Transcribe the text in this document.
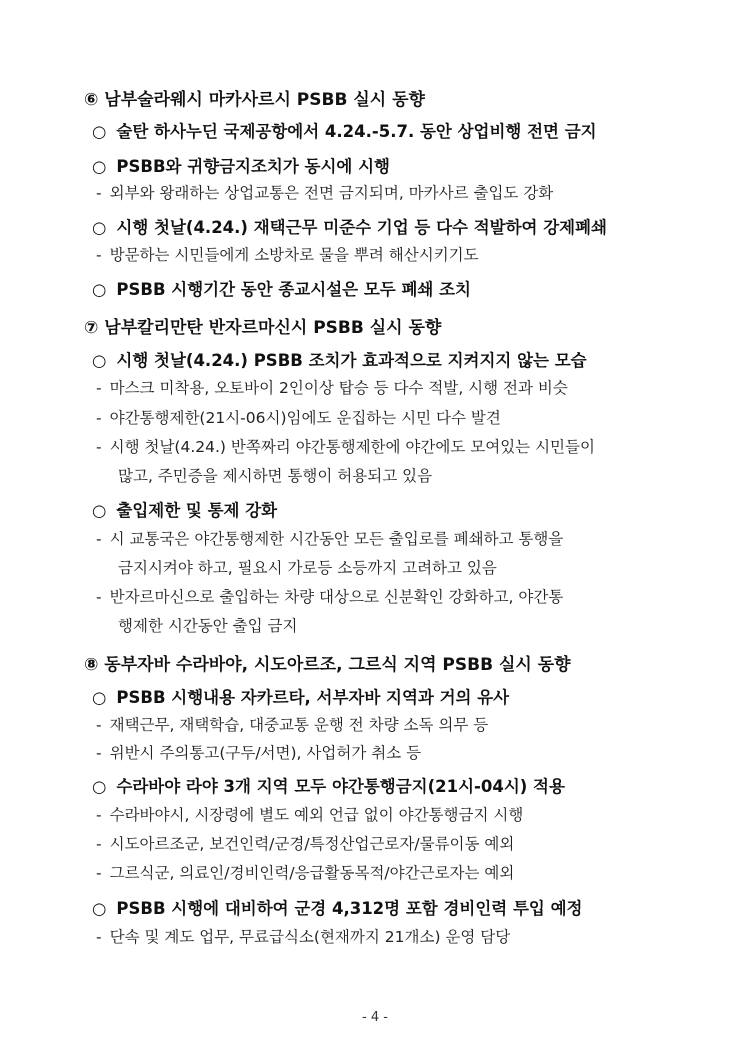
⑥ 남부술라웨시 마카사르시 PSBB 실시 동향
○ 술탄 하사누딘 국제공항에서 4.24.-5.7. 동안 상업비행 전면 금지
○ PSBB와 귀향금지조치가 동시에 시행
- 외부와 왕래하는 상업교통은 전면 금지되며, 마카사르 출입도 강화
○ 시행 첫날(4.24.) 재택근무 미준수 기업 등 다수 적발하여 강제폐쇄
- 방문하는 시민들에게 소방차로 물을 뿌려 해산시키기도
○ PSBB 시행기간 동안 종교시설은 모두 폐쇄 조치
⑦ 남부칼리만탄 반자르마신시 PSBB 실시 동향
○ 시행 첫날(4.24.) PSBB 조치가 효과적으로 지켜지지 않는 모습
- 마스크 미착용, 오토바이 2인이상 탑승 등 다수 적발, 시행 전과 비슷
- 야간통행제한(21시-06시)임에도 운집하는 시민 다수 발견
- 시행 첫날(4.24.) 반쪽짜리 야간통행제한에 야간에도 모여있는 시민들이
많고, 주민증을 제시하면 통행이 허용되고 있음
○ 출입제한 및 통제 강화
- 시 교통국은 야간통행제한 시간동안 모든 출입로를 폐쇄하고 통행을
금지시켜야 하고, 필요시 가로등 소등까지 고려하고 있음
- 반자르마신으로 출입하는 차량 대상으로 신분확인 강화하고, 야간통
행제한 시간동안 출입 금지
⑧ 동부자바 수라바야, 시도아르조, 그르식 지역 PSBB 실시 동향
○ PSBB 시행내용 자카르타, 서부자바 지역과 거의 유사
- 재택근무, 재택학습, 대중교통 운행 전 차량 소독 의무 등
- 위반시 주의통고(구두/서면), 사업허가 취소 등
○ 수라바야 라야 3개 지역 모두 야간통행금지(21시-04시) 적용
- 수라바야시, 시장령에 별도 예외 언급 없이 야간통행금지 시행
- 시도아르조군, 보건인력/군경/특정산업근로자/물류이동 예외
- 그르식군, 의료인/경비인력/응급활동목적/야간근로자는 예외
○ PSBB 시행에 대비하여 군경 4,312명 포함 경비인력 투입 예정
- 단속 및 계도 업무, 무료급식소(현재까지 21개소) 운영 담당
- 4 -
